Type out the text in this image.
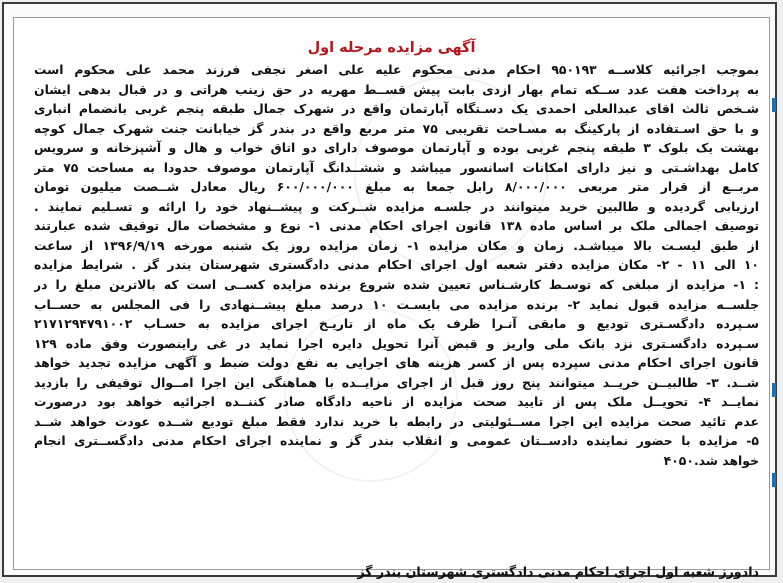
آگهی مزایده مرحله اول
بموجب اجرائیه کلاســه ۹۵۰۱۹۳ احکام مدنی محکوم علیه علی اصغر نجفی فرزند محمد علی محکوم است
به پرداخت هفت عدد ســکه تمام بهار ازدی بابت پیش قســط مهریه در حق زینب هراتی و در قبال بدهی ایشان
شـخص ثالث اقای عبدالعلی احمدی یک دسـتگاه آپارتمان واقع در شهرک جمال طبقه پنجم غربی بانضمام انباری
و با حق اسـتفاده از پارکینگ به مسـاحت تقریبی ۷۵ متر مربع واقع در بندر گز خیابانت جنت شهرک جمال کوچه
بهشت یک بلوک ۳ طبقه پنجم غربی بوده و آپارتمان موصوف دارای دو اتاق خواب و هال و آشپزخانه و سرویس
کامل بهداشـتی و نیز دارای امکانات اسانسور میباشد و ششــدانگ آپارتمان موصوف حدودا به مساحت ۷۵ متر
مربــع از قرار متر مربعی ۸/۰۰۰/۰۰۰ رابل جمعا به مبلغ ۶۰۰/۰۰۰/۰۰۰ ریال معادل شــصت میلیون تومان
ارزیابی گردیده و طالبین خرید میتوانند در جلسـه مزایده شــرکت و پیشــنهاد خود را ارائه و تسـلیم نمایند .
توصیف اجمالی ملک بر اساس ماده ۱۳۸ قانون اجرای احکام مدنی ۱- نوع و مشخصات مال توقیف شده عبارتند
از طبق لیسـت بالا میباشـد. زمان و مکان مزایده ۱- زمان مزایده روز یک شنبه مورخه ۱۳۹۶/۹/۱۹ از ساعت
۱۰ الی ۱۱ - ۲- مکان مزایده دفتر شعبه اول اجرای احکام مدنی دادگستری شهرستان بندر گز . شرایط مزایده
: ۱- مزایده از مبلغی که توسـط کارشـناس تعیین شده شروع برنده مزایده کســی است که بالاترین مبلغ را در
جلســه مزایده قبول نماید ۲- برنده مزایده می بایسـت ۱۰ درصد مبلغ پیشــنهادی را فی المجلس به حســاب
سـپرده دادگسـتری تودیع و مابقی آنـرا ظرف یک ماه از تاریـخ اجرای مزایده به حسـاب ۲۱۷۱۲۹۴۷۹۱۰۰۲
سـپرده دادگسـتری نزد بانک ملی واریز و قبض آنرا تحویل دایره اجرا نماید در غی راینصورت وفق ماده ۱۲۹
قانون اجرای احکام مدنی سپرده پس از کسر هزینه های اجرایی به نفع دولت ضبط و آگهی مزایده تجدید خواهد
شــد. ۳- طالبیــن خریــد میتوانند پنج روز قبل از اجرای مزایــده با هماهنگی این اجرا امــوال توقیفی را بازدید
نمایــد ۴- تحویــل ملک پس از تایید صحت مزایده از ناحیه دادگاه صادر کننــده اجرائیه خواهد بود درصورت
عدم تائید صحت مزایده این اجرا مســئولیتی در رابطه با خرید ندارد فقط مبلغ تودیع شــده عودت خواهد شــد
۵- مزایده با حضور نماینده دادســتان عمومی و انقلاب بندر گز و نماینده اجرای احکام مدنی دادگســتری انجام
خواهد شد.۴۰۵۰
دادورز شعبه اول اجرای احکام مدنی دادگستری شهرستان بندر گز
